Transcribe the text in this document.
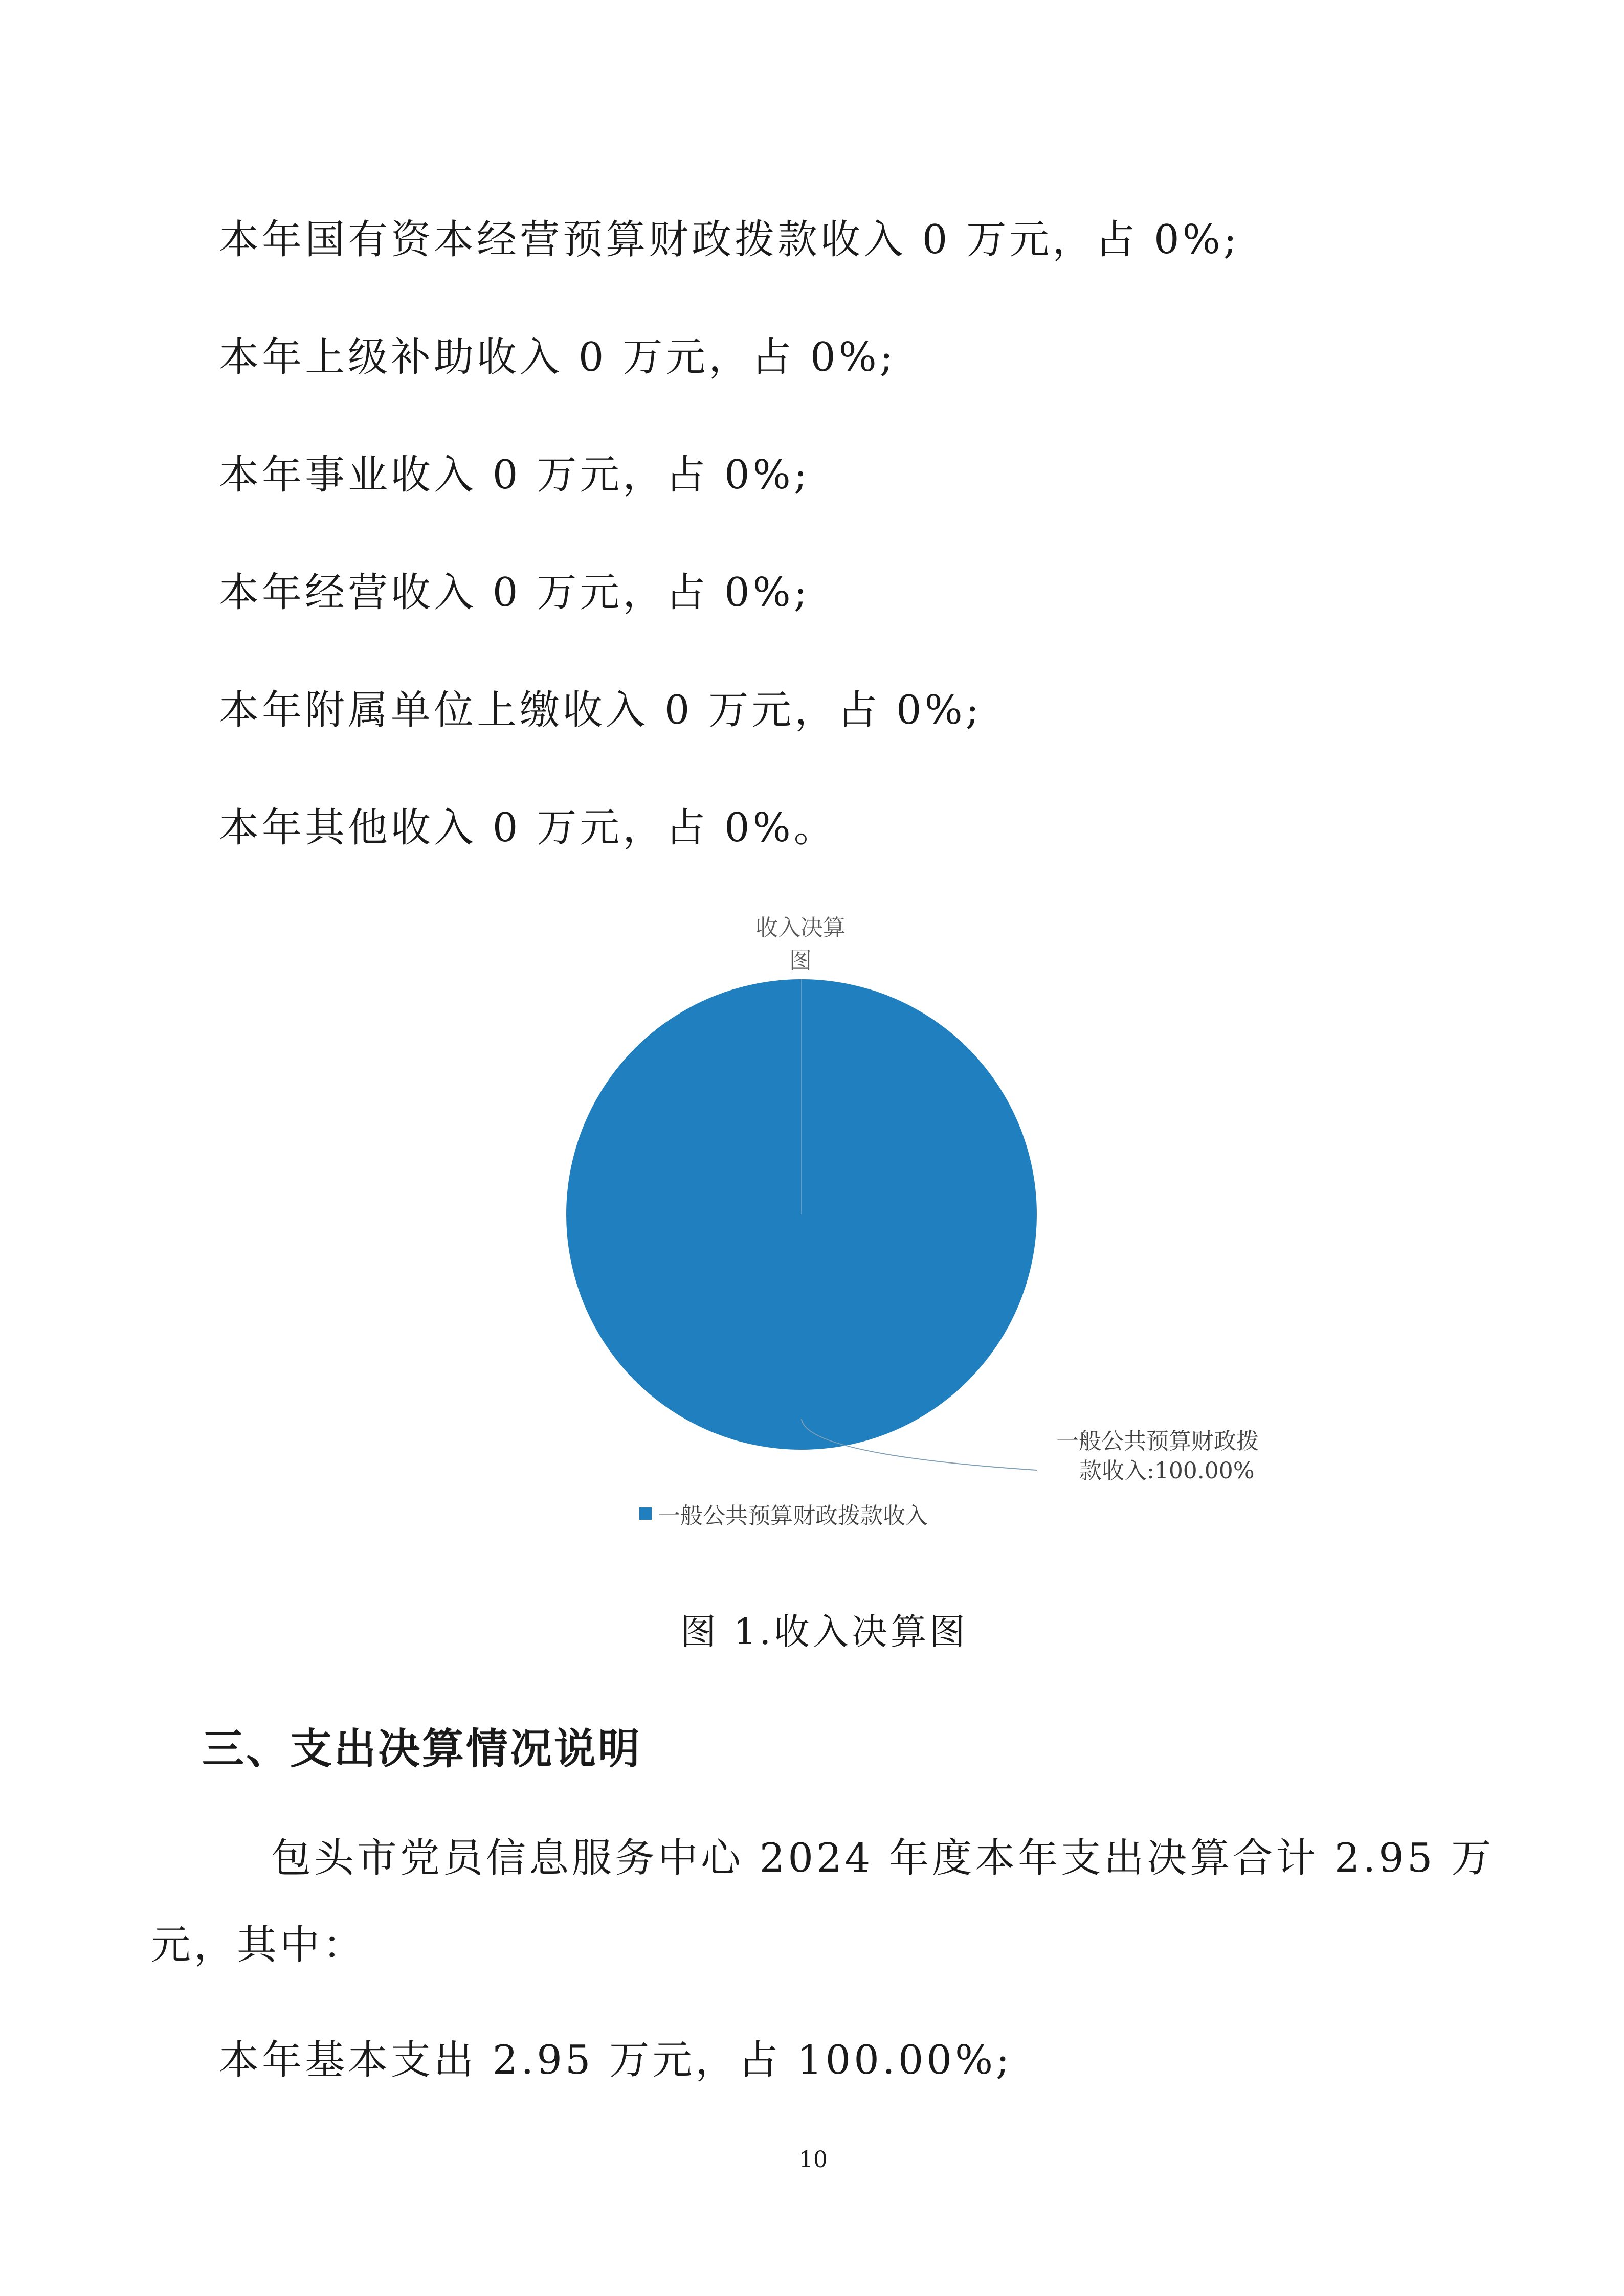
本年国有资本经营预算财政拨款收入 0 万元，占 0%;

本年上级补助收入 0 万元，占 0%;

本年事业收入 0 万元，占 0%;

本年经营收入 0 万元，占 0%;

本年附属单位上缴收入 0 万元，占 0%;

本年其他收入 0 万元，占 0%。

收入决算图

一般公共预算财政拨

款收入:100.00%

一般公共预算财政拨款收入

图 1.收入决算图

三、支出决算情况说明

包头市党员信息服务中心 2024 年度本年支出决算合计 2.95 万

元，其中：

本年基本支出 2.95 万元，占 100.00%;

10
